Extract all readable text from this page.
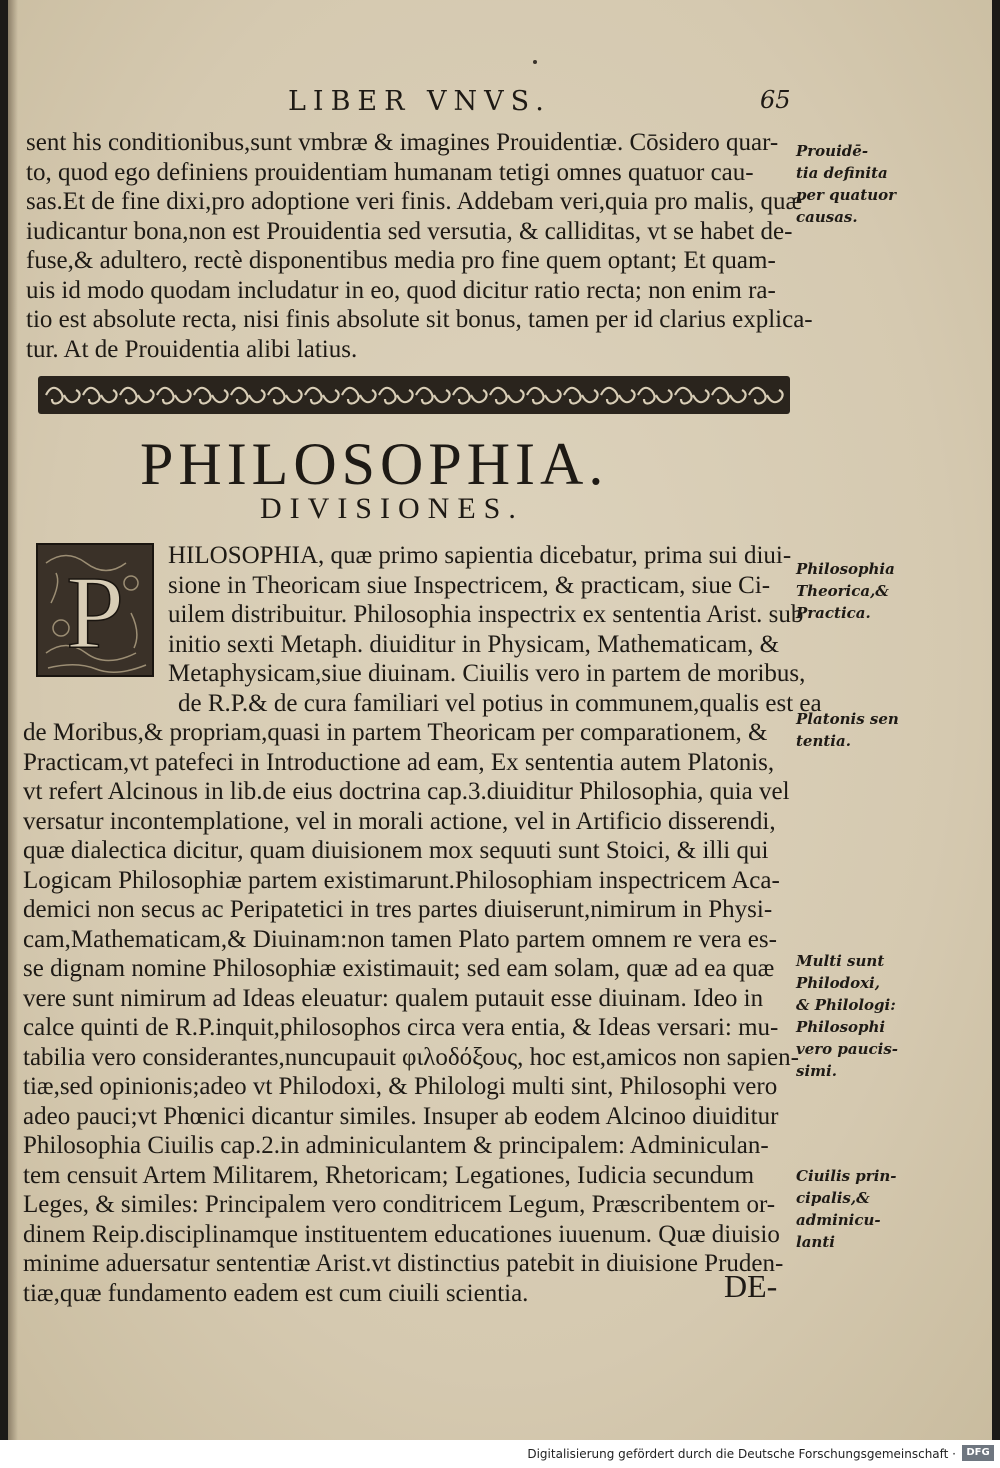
LIBER VNVS.	65
sent his conditionibus,sunt vmbræ & imagines Prouidentiæ. Cōsidero quar-
to, quod ego definiens prouidentiam humanam tetigi omnes quatuor cau-
sas.Et de fine dixi,pro adoptione veri finis. Addebam veri,quia pro malis, quæ
iudicantur bona,non est Prouidentia sed versutia, & calliditas, vt se habet de-
fuse,& adultero, rectè disponentibus media pro fine quem optant; Et quam-
uis id modo quodam includatur in eo, quod dicitur ratio recta; non enim ra-
tio est absolute recta, nisi finis absolute sit bonus, tamen per id clarius explica-
tur. At de Prouidentia alibi latius.
PHILOSOPHIA.
DIVISIONES.
P	HILOSOPHIA, quæ primo sapientia dicebatur, prima sui diui-
sione in Theoricam siue Inspectricem, & practicam, siue Ci-
uilem distribuitur. Philosophia inspectrix ex sententia Arist. sub
initio sexti Metaph. diuiditur in Physicam, Mathematicam, &
Metaphysicam,siue diuinam. Ciuilis vero in partem de moribus,
de R.P.& de cura familiari vel potius in communem,qualis est ea
de Moribus,& propriam,quasi in partem Theoricam per comparationem, &
Practicam,vt patefeci in Introductione ad eam, Ex sententia autem Platonis,
vt refert Alcinous in lib.de eius doctrina cap.3.diuiditur Philosophia, quia vel
versatur incontemplatione, vel in morali actione, vel in Artificio disserendi,
quæ dialectica dicitur, quam diuisionem mox sequuti sunt Stoici, & illi qui
Logicam Philosophiæ partem existimarunt.Philosophiam inspectricem Aca-
demici non secus ac Peripatetici in tres partes diuiserunt,nimirum in Physi-
cam,Mathematicam,& Diuinam:non tamen Plato partem omnem re vera es-
se dignam nomine Philosophiæ existimauit; sed eam solam, quæ ad ea quæ
vere sunt nimirum ad Ideas eleuatur: qualem putauit esse diuinam. Ideo in
calce quinti de R.P.inquit,philosophos circa vera entia, & Ideas versari: mu-
tabilia vero considerantes,nuncupauit φιλοδόξους, hoc est,amicos non sapien-
tiæ,sed opinionis;adeo vt Philodoxi, & Philologi multi sint, Philosophi vero
adeo pauci;vt Phœnici dicantur similes. Insuper ab eodem Alcinoo diuiditur
Philosophia Ciuilis cap.2.in adminiculantem & principalem: Adminiculan-
tem censuit Artem Militarem, Rhetoricam; Legationes, Iudicia secundum
Leges, & similes: Principalem vero conditricem Legum, Præscribentem or-
dinem Reip.disciplinamque instituentem educationes iuuenum. Quæ diuisio
minime aduersatur sententiæ Arist.vt distinctius patebit in diuisione Pruden-
tiæ,quæ fundamento eadem est cum ciuili scientia.
Prouidē-
tia definita
per quatuor
causas.
Philosophia
Theorica,&
Practica.
Platonis sen
tentia.
Multi sunt
Philodoxi,
& Philologi:
Philosophi
vero paucis-
simi.
Ciuilis prin-
cipalis,&
adminicu-
lanti
DE-
Digitalisierung gefördert durch die Deutsche Forschungsgemeinschaft ·	DFG
